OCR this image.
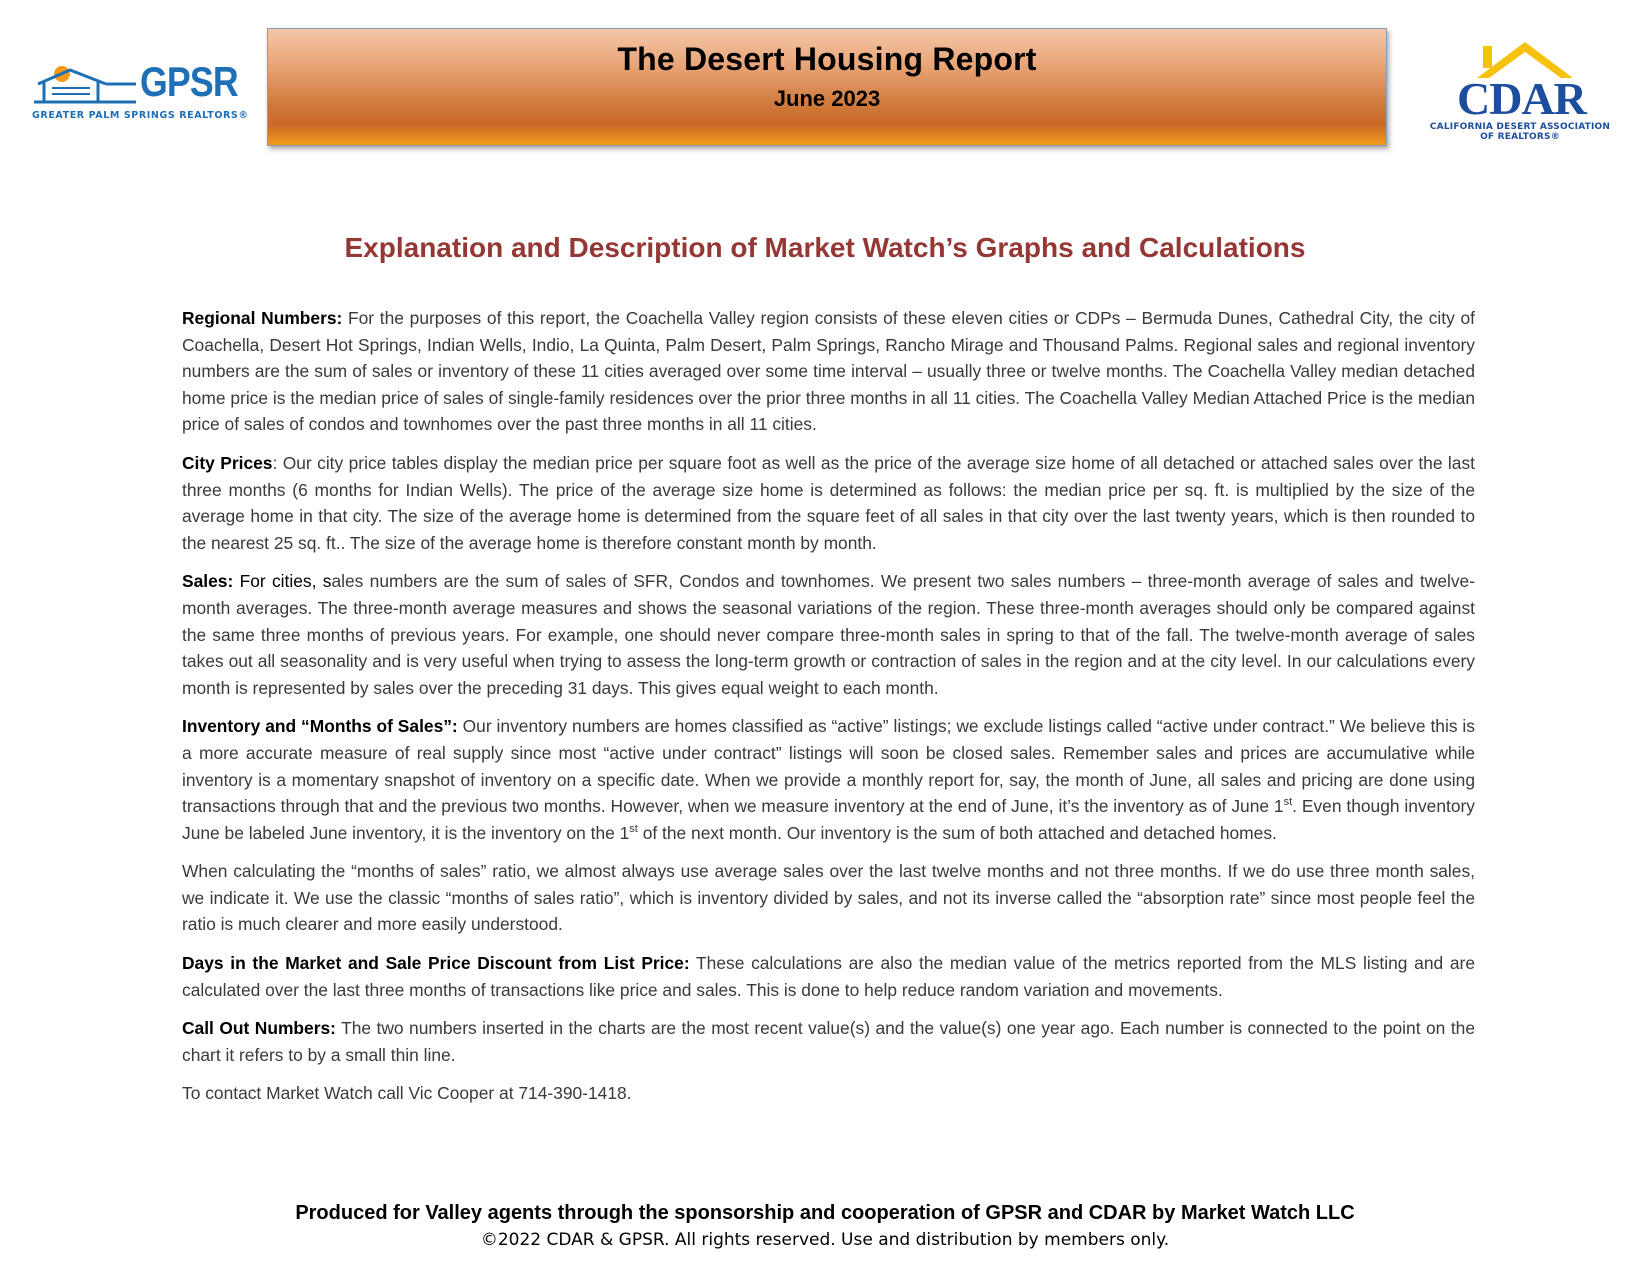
GPSR
GREATER PALM SPRINGS REALTORS®
The Desert Housing Report
June 2023	CDAR
CALIFORNIA DESERT ASSOCIATION
OF REALTORS®
Explanation and Description of Market Watch’s Graphs and Calculations

Regional Numbers: For the purposes of this report, the Coachella Valley region consists of these eleven cities or CDPs – Bermuda Dunes, Cathedral City, the city of Coachella, Desert Hot Springs, Indian Wells, Indio, La Quinta, Palm Desert, Palm Springs, Rancho Mirage and Thousand Palms. Regional sales and regional inventory numbers are the sum of sales or inventory of these 11 cities averaged over some time interval – usually three or twelve months. The Coachella Valley median detached home price is the median price of sales of single-family residences over the prior three months in all 11 cities. The Coachella Valley Median Attached Price is the median price of sales of condos and townhomes over the past three months in all 11 cities.

City Prices: Our city price tables display the median price per square foot as well as the price of the average size home of all detached or attached sales over the last three months (6 months for Indian Wells). The price of the average size home is determined as follows: the median price per sq. ft. is multiplied by the size of the average home in that city. The size of the average home is determined from the square feet of all sales in that city over the last twenty years, which is then rounded to the nearest 25 sq. ft.. The size of the average home is therefore constant month by month.

Sales: For cities, sales numbers are the sum of sales of SFR, Condos and townhomes. We present two sales numbers – three-month average of sales and twelve-month averages. The three-month average measures and shows the seasonal variations of the region. These three-month averages should only be compared against the same three months of previous years. For example, one should never compare three-month sales in spring to that of the fall. The twelve-month average of sales takes out all seasonality and is very useful when trying to assess the long-term growth or contraction of sales in the region and at the city level. In our calculations every month is represented by sales over the preceding 31 days. This gives equal weight to each month.

Inventory and “Months of Sales”: Our inventory numbers are homes classified as “active” listings; we exclude listings called “active under contract.” We believe this is a more accurate measure of real supply since most “active under contract” listings will soon be closed sales. Remember sales and prices are accumulative while inventory is a momentary snapshot of inventory on a specific date. When we provide a monthly report for, say, the month of June, all sales and pricing are done using transactions through that and the previous two months. However, when we measure inventory at the end of June, it’s the inventory as of June 1st. Even though inventory June be labeled June inventory, it is the inventory on the 1st of the next month. Our inventory is the sum of both attached and detached homes.

When calculating the “months of sales” ratio, we almost always use average sales over the last twelve months and not three months. If we do use three month sales, we indicate it. We use the classic “months of sales ratio”, which is inventory divided by sales, and not its inverse called the “absorption rate” since most people feel the ratio is much clearer and more easily understood.

Days in the Market and Sale Price Discount from List Price: These calculations are also the median value of the metrics reported from the MLS listing and are calculated over the last three months of transactions like price and sales. This is done to help reduce random variation and movements.

Call Out Numbers: The two numbers inserted in the charts are the most recent value(s) and the value(s) one year ago. Each number is connected to the point on the chart it refers to by a small thin line.

To contact Market Watch call Vic Cooper at 714-390-1418.

Produced for Valley agents through the sponsorship and cooperation of GPSR and CDAR by Market Watch LLC
©2022 CDAR & GPSR. All rights reserved. Use and distribution by members only.
